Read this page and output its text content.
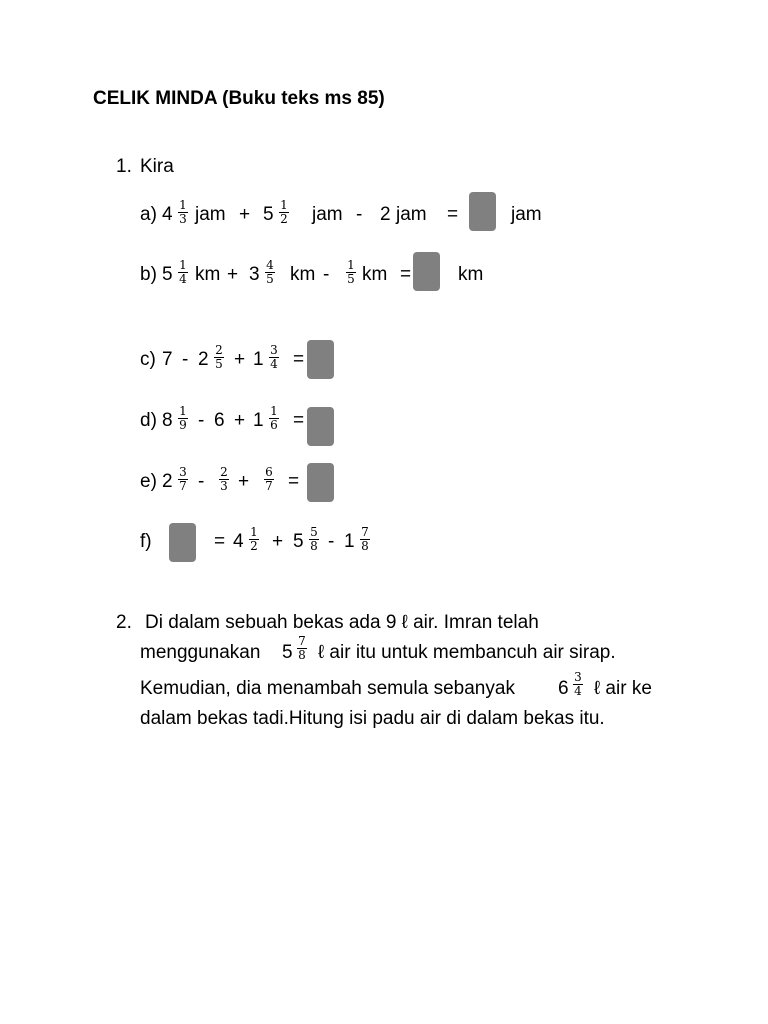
CELIK MINDA (Buku teks ms 85)
1. Kira
a) $4 \frac{1}{3}$ jam + $5 \frac{1}{2}$ jam - 2 jam =	jam
b) $5 \frac{1}{4}$ km + $3 \frac{4}{5}$ km - $\frac{1}{5}$ km = km
c) $7 - 2 \frac{2}{5} + 1 \frac{3}{4}$ =
d) $8 \frac{1}{9} - 6 + 1 \frac{1}{6}$ =
e) $2 \frac{3}{7} - \frac{2}{3} + \frac{6}{7}$ =
f)	= $4 \frac{1}{2} + 5 \frac{5}{8} - 1 \frac{7}{8}$
2. Di dalam sebuah bekas ada 9 ℓ air. Imran telah
menggunakan $5 \frac{7}{8}$ ℓ air itu untuk membancuh air sirap.
Kemudian, dia menambah semula sebanyak $6 \frac{3}{4}$ ℓ air ke
dalam bekas tadi.Hitung isi padu air di dalam bekas itu.
